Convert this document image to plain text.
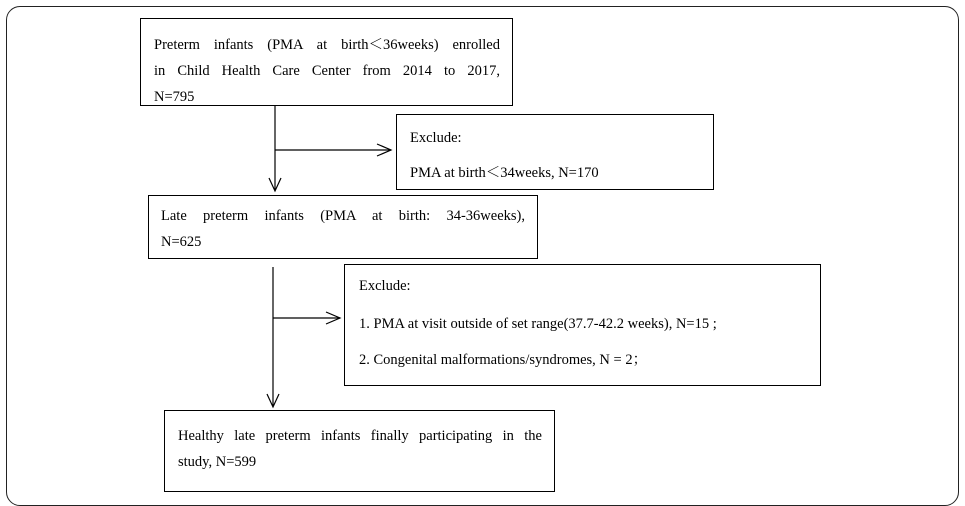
Preterm infants (PMA at birth＜36weeks) enrolled
in Child Health Care Center from 2014 to 2017,
N=795
Exclude:
PMA at birth＜34weeks, N=170
Late preterm infants (PMA at birth: 34-36weeks),
N=625
Exclude:
1. PMA at visit outside of set range(37.7-42.2 weeks), N=15 ;
2. Congenital malformations/syndromes, N = 2；
Healthy late preterm infants finally participating in the
study, N=599
